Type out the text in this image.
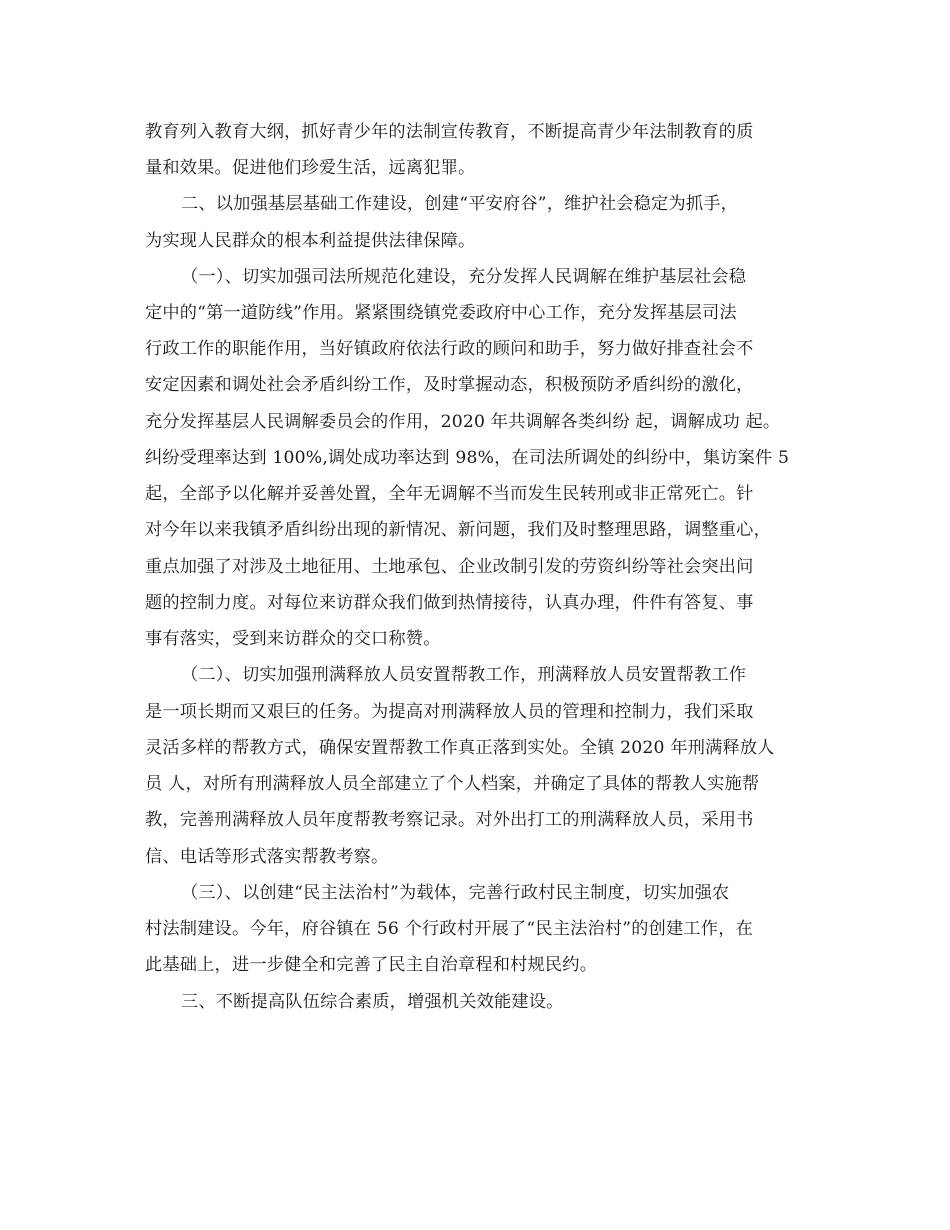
教育列入教育大纲，抓好青少年的法制宣传教育，不断提高青少年法制教育的质
量和效果。促进他们珍爱生活，远离犯罪。
二、以加强基层基础工作建设，创建“平安府谷”，维护社会稳定为抓手，
为实现人民群众的根本利益提供法律保障。
（一）、切实加强司法所规范化建设，充分发挥人民调解在维护基层社会稳
定中的“第一道防线”作用。紧紧围绕镇党委政府中心工作，充分发挥基层司法
行政工作的职能作用，当好镇政府依法行政的顾问和助手，努力做好排查社会不
安定因素和调处社会矛盾纠纷工作，及时掌握动态，积极预防矛盾纠纷的激化，
充分发挥基层人民调解委员会的作用，2020 年共调解各类纠纷 起，调解成功 起。
纠纷受理率达到 100%,调处成功率达到 98%，在司法所调处的纠纷中，集访案件 5
起，全部予以化解并妥善处置，全年无调解不当而发生民转刑或非正常死亡。针
对今年以来我镇矛盾纠纷出现的新情况、新问题，我们及时整理思路，调整重心，
重点加强了对涉及土地征用、土地承包、企业改制引发的劳资纠纷等社会突出问
题的控制力度。对每位来访群众我们做到热情接待，认真办理，件件有答复、事
事有落实，受到来访群众的交口称赞。
（二）、切实加强刑满释放人员安置帮教工作，刑满释放人员安置帮教工作
是一项长期而又艰巨的任务。为提高对刑满释放人员的管理和控制力，我们采取
灵活多样的帮教方式，确保安置帮教工作真正落到实处。全镇 2020 年刑满释放人
员 人，对所有刑满释放人员全部建立了个人档案，并确定了具体的帮教人实施帮
教，完善刑满释放人员年度帮教考察记录。对外出打工的刑满释放人员，采用书
信、电话等形式落实帮教考察。
（三）、以创建“民主法治村”为载体，完善行政村民主制度，切实加强农
村法制建设。今年，府谷镇在 56 个行政村开展了“民主法治村”的创建工作，在
此基础上，进一步健全和完善了民主自治章程和村规民约。
三、不断提高队伍综合素质，增强机关效能建设。
